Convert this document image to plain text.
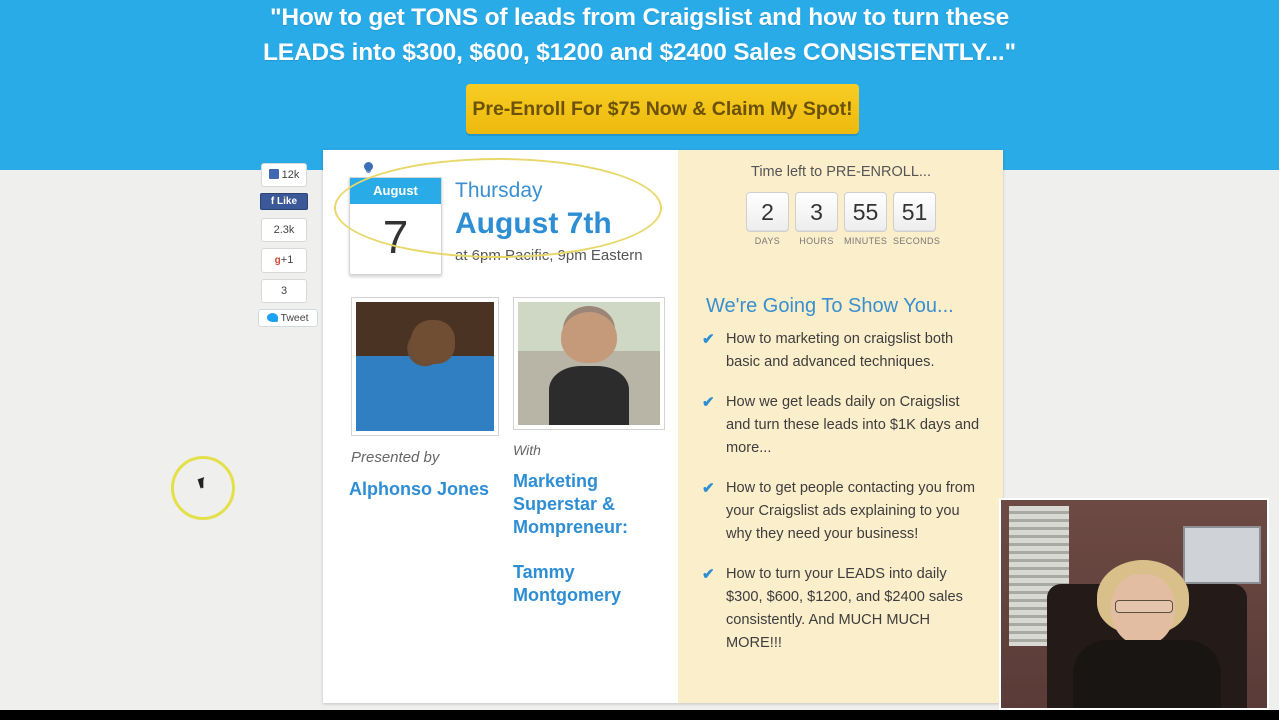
"How to get TONS of leads from Craigslist and how to turn these
LEADS into $300, $600, $1200 and $2400 Sales CONSISTENTLY..."
Pre-Enroll For $75 Now & Claim My Spot!
12k
f Like
2.3k
g+1
3
Tweet
August
7
Thursday
August 7th
at 6pm Pacific, 9pm Eastern
Presented by
Alphonso Jones
With
Marketing Superstar & Mompreneur:
Tammy Montgomery
Time left to PRE-ENROLL...
2
DAYS
3
HOURS
55
MINUTES
51
SECONDS
We're Going To Show You...
✔ How to marketing on craigslist both basic and advanced techniques.
✔ How we get leads daily on Craigslist and turn these leads into $1K days and more...
✔ How to get people contacting you from your Craigslist ads explaining to you why they need your business!
✔ How to turn your LEADS into daily $300, $600, $1200, and $2400 sales consistently. And MUCH MUCH MORE!!!
